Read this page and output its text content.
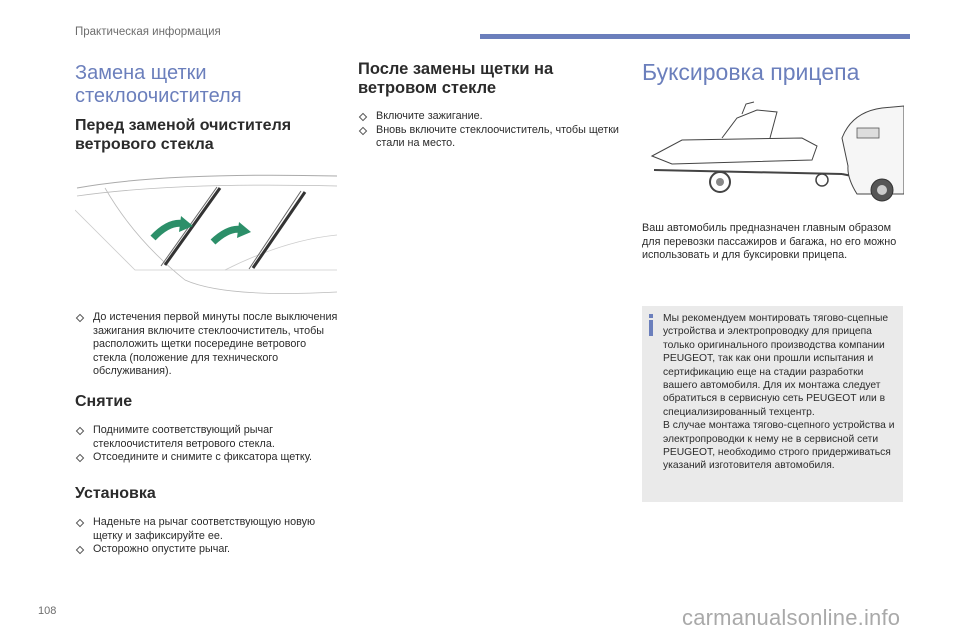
Практическая информация
Замена щетки
стеклоочистителя
Перед заменой очистителя
ветрового стекла
До истечения первой минуты после выключения зажигания включите стеклоочиститель, чтобы расположить щетки посередине ветрового стекла (положение для технического обслуживания).
Снятие
Поднимите соответствующий рычаг стеклоочистителя ветрового стекла.
Отсоедините и снимите с фиксатора щетку.
Установка
Наденьте на рычаг соответствующую новую щетку и зафиксируйте ее.
Осторожно опустите рычаг.
После замены щетки на
ветровом стекле
Включите зажигание.
Вновь включите стеклоочиститель, чтобы щетки стали на место.
Буксировка прицепа
Ваш автомобиль предназначен главным образом для перевозки пассажиров и багажа, но его можно использовать и для буксировки прицепа.
Мы рекомендуем монтировать тягово-сцепные устройства и электропроводку для прицепа только оригинального производства компании PEUGEOT, так как они прошли испытания и сертификацию еще на стадии разработки вашего автомобиля. Для их монтажа следует обратиться в сервисную сеть PEUGEOT или в специализированный техцентр.
В случае монтажа тягово-сцепного устройства и электропроводки к нему не в сервисной сети PEUGEOT, необходимо строго придерживаться указаний изготовителя автомобиля.
108	carmanualsonline.info
